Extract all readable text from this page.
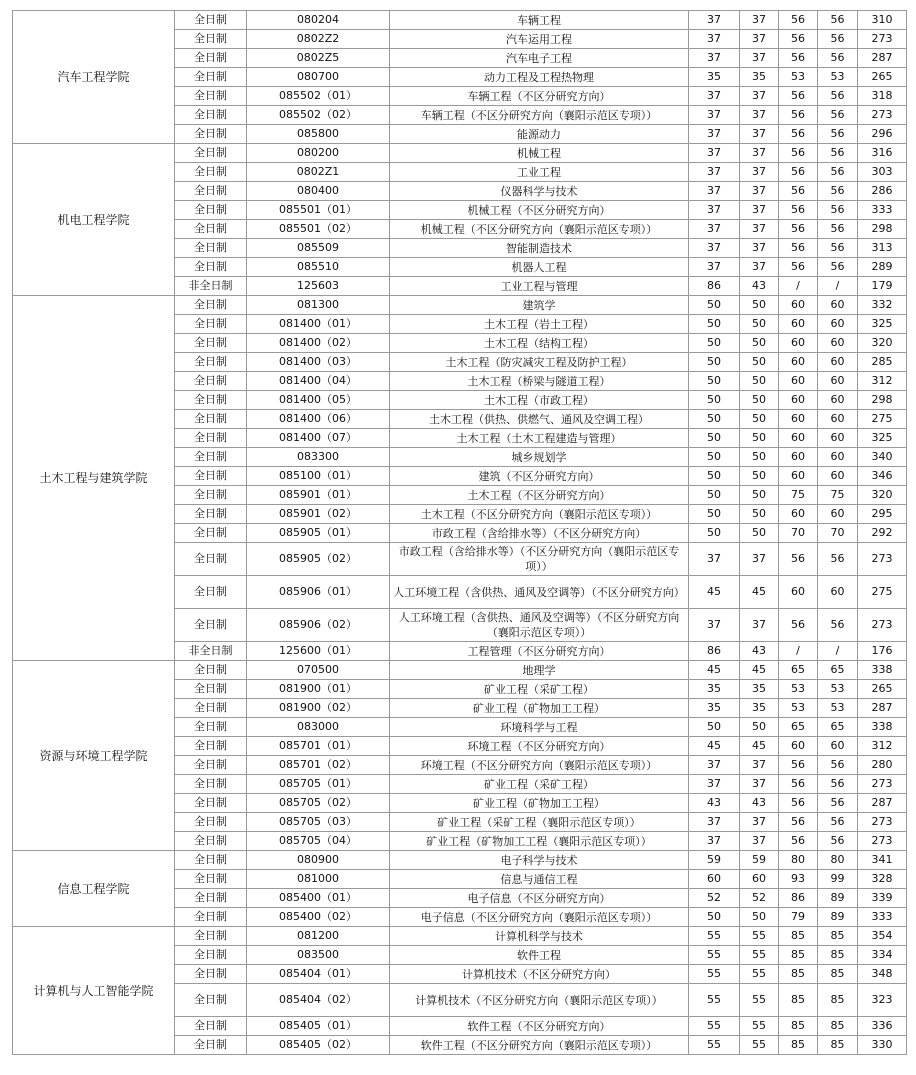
汽车工程学院	全日制	080204	车辆工程	37	37	56	56	310
	全日制	0802Z2	汽车运用工程	37	37	56	56	273
	全日制	0802Z5	汽车电子工程	37	37	56	56	287
	全日制	080700	动力工程及工程热物理	35	35	53	53	265
	全日制	085502（01）	车辆工程（不区分研究方向）	37	37	56	56	318
	全日制	085502（02）	车辆工程（不区分研究方向（襄阳示范区专项））	37	37	56	56	273
	全日制	085800	能源动力	37	37	56	56	296
机电工程学院	全日制	080200	机械工程	37	37	56	56	316
	全日制	0802Z1	工业工程	37	37	56	56	303
	全日制	080400	仪器科学与技术	37	37	56	56	286
	全日制	085501（01）	机械工程（不区分研究方向）	37	37	56	56	333
	全日制	085501（02）	机械工程（不区分研究方向（襄阳示范区专项））	37	37	56	56	298
	全日制	085509	智能制造技术	37	37	56	56	313
	全日制	085510	机器人工程	37	37	56	56	289
	非全日制	125603	工业工程与管理	86	43	/	/	179
土木工程与建筑学院	全日制	081300	建筑学	50	50	60	60	332
	全日制	081400（01）	土木工程（岩土工程）	50	50	60	60	325
	全日制	081400（02）	土木工程（结构工程）	50	50	60	60	320
	全日制	081400（03）	土木工程（防灾减灾工程及防护工程）	50	50	60	60	285
	全日制	081400（04）	土木工程（桥梁与隧道工程）	50	50	60	60	312
	全日制	081400（05）	土木工程（市政工程）	50	50	60	60	298
	全日制	081400（06）	土木工程（供热、供燃气、通风及空调工程）	50	50	60	60	275
	全日制	081400（07）	土木工程（土木工程建造与管理）	50	50	60	60	325
	全日制	083300	城乡规划学	50	50	60	60	340
	全日制	085100（01）	建筑（不区分研究方向）	50	50	60	60	346
	全日制	085901（01）	土木工程（不区分研究方向）	50	50	75	75	320
	全日制	085901（02）	土木工程（不区分研究方向（襄阳示范区专项））	50	50	60	60	295
	全日制	085905（01）	市政工程（含给排水等）（不区分研究方向）	50	50	70	70	292
	全日制	085905（02）	市政工程（含给排水等）（不区分研究方向（襄阳示范区专项））	37	37	56	56	273
	全日制	085906（01）	人工环境工程（含供热、通风及空调等）（不区分研究方向）	45	45	60	60	275
	全日制	085906（02）	人工环境工程（含供热、通风及空调等）（不区分研究方向（襄阳示范区专项））	37	37	56	56	273
	非全日制	125600（01）	工程管理（不区分研究方向）	86	43	/	/	176
资源与环境工程学院	全日制	070500	地理学	45	45	65	65	338
	全日制	081900（01）	矿业工程（采矿工程）	35	35	53	53	265
	全日制	081900（02）	矿业工程（矿物加工工程）	35	35	53	53	287
	全日制	083000	环境科学与工程	50	50	65	65	338
	全日制	085701（01）	环境工程（不区分研究方向）	45	45	60	60	312
	全日制	085701（02）	环境工程（不区分研究方向（襄阳示范区专项））	37	37	56	56	280
	全日制	085705（01）	矿业工程（采矿工程）	37	37	56	56	273
	全日制	085705（02）	矿业工程（矿物加工工程）	43	43	56	56	287
	全日制	085705（03）	矿业工程（采矿工程（襄阳示范区专项））	37	37	56	56	273
	全日制	085705（04）	矿业工程（矿物加工工程（襄阳示范区专项））	37	37	56	56	273
信息工程学院	全日制	080900	电子科学与技术	59	59	80	80	341
	全日制	081000	信息与通信工程	60	60	93	99	328
	全日制	085400（01）	电子信息（不区分研究方向）	52	52	86	89	339
	全日制	085400（02）	电子信息（不区分研究方向（襄阳示范区专项））	50	50	79	89	333
计算机与人工智能学院	全日制	081200	计算机科学与技术	55	55	85	85	354
	全日制	083500	软件工程	55	55	85	85	334
	全日制	085404（01）	计算机技术（不区分研究方向）	55	55	85	85	348
	全日制	085404（02）	计算机技术（不区分研究方向（襄阳示范区专项））	55	55	85	85	323
	全日制	085405（01）	软件工程（不区分研究方向）	55	55	85	85	336
	全日制	085405（02）	软件工程（不区分研究方向（襄阳示范区专项））	55	55	85	85	330
